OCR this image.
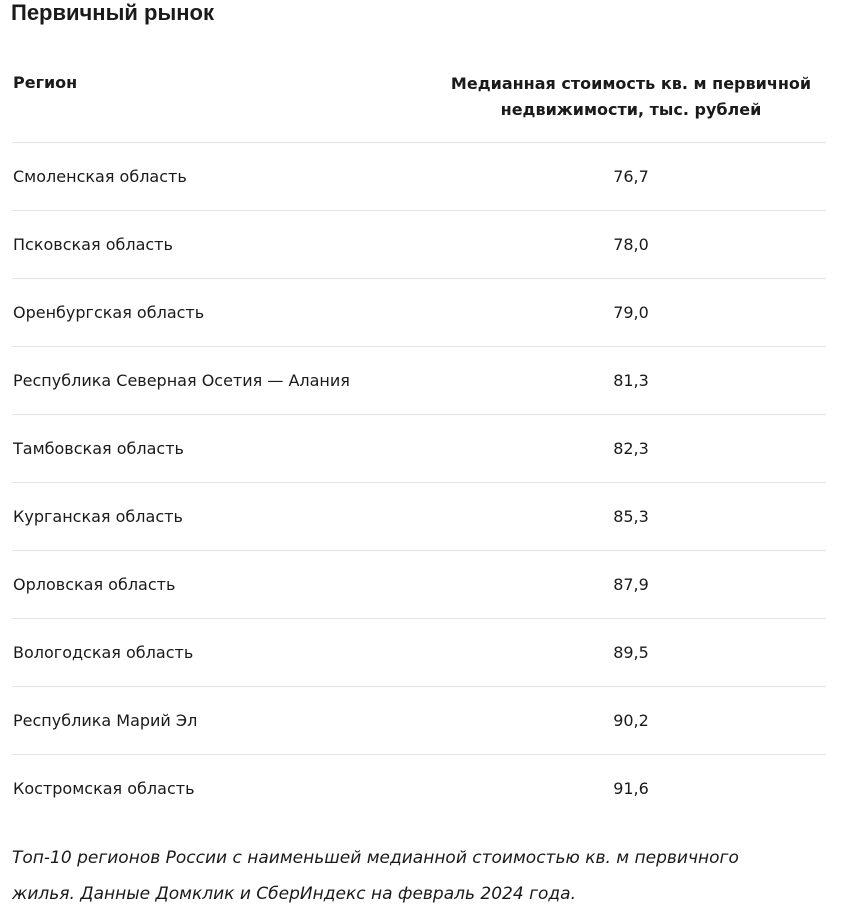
Первичный рынок
Регион	Медианная стоимость кв. м первичной недвижимости, тыс. рублей
Смоленская область	76,7
Псковская область	78,0
Оренбургская область	79,0
Республика Северная Осетия — Алания	81,3
Тамбовская область	82,3
Курганская область	85,3
Орловская область	87,9
Вологодская область	89,5
Республика Марий Эл	90,2
Костромская область	91,6

Топ-10 регионов России с наименьшей медианной стоимостью кв. м первичного жилья. Данные Домклик и СберИндекс на февраль 2024 года.
